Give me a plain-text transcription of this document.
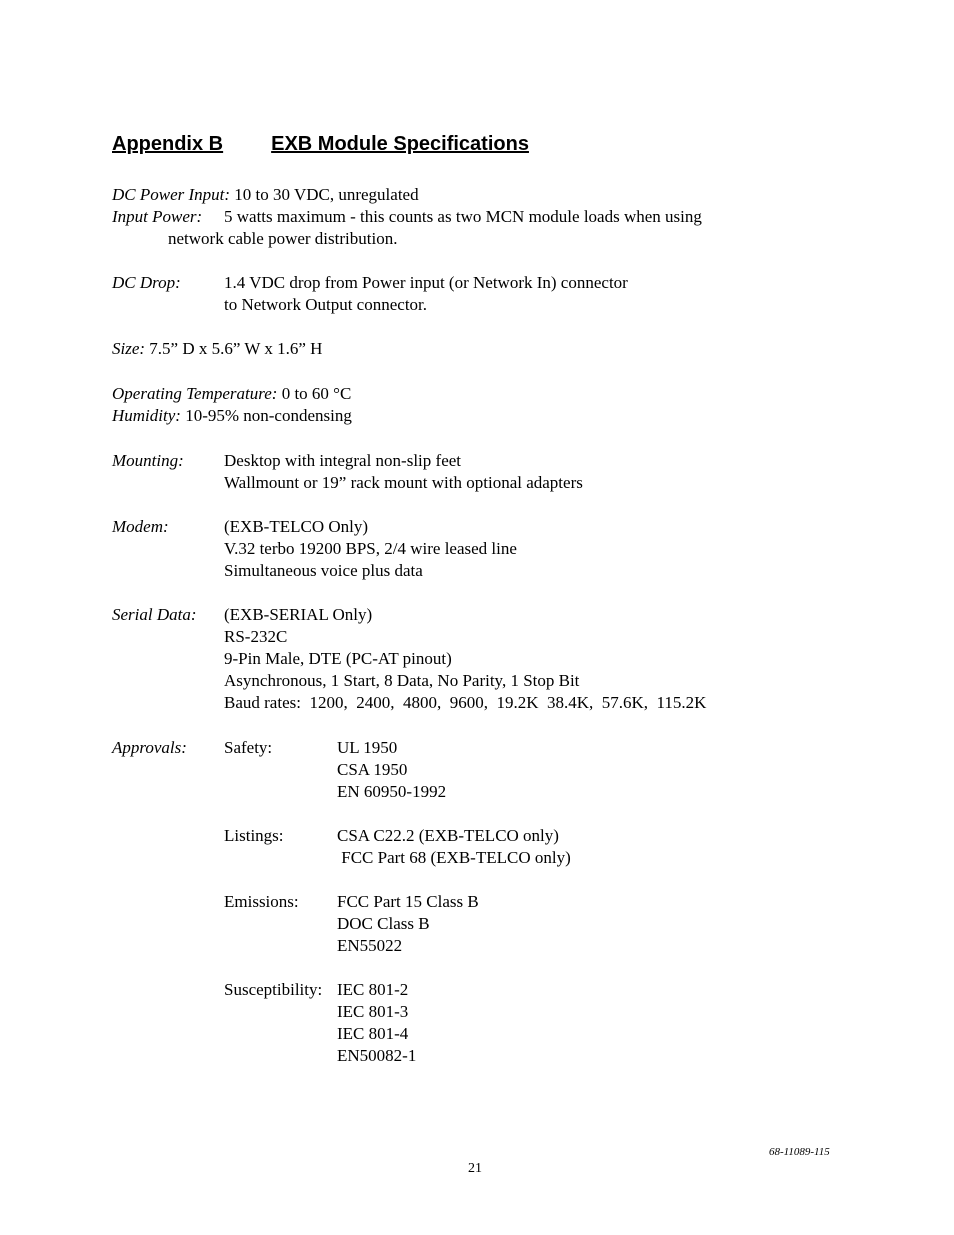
Appendix B EXB Module Specifications
DC Power Input: 10 to 30 VDC, unregulated
Input Power: 5 watts maximum - this counts as two MCN module loads when using
network cable power distribution.
DC Drop:	1.4 VDC drop from Power input (or Network In) connector
to Network Output connector.
Size: 7.5” D x 5.6” W x 1.6” H
Operating Temperature: 0 to 60 °C
Humidity: 10-95% non-condensing
Mounting: Desktop with integral non-slip feet
Wallmount or 19” rack mount with optional adapters
Modem:	(EXB-TELCO Only)
V.32 terbo 19200 BPS, 2/4 wire leased line
Simultaneous voice plus data
Serial Data: (EXB-SERIAL Only)
RS-232C
9-Pin Male, DTE (PC-AT pinout)
Asynchronous, 1 Start, 8 Data, No Parity, 1 Stop Bit
Baud rates:  1200,  2400,  4800,  9600,  19.2K  38.4K,  57.6K,  115.2K
Approvals: Safety:	UL 1950
CSA 1950
EN 60950-1992
Listings:	CSA C22.2 (EXB-TELCO only)
FCC Part 68 (EXB-TELCO only)
Emissions: FCC Part 15 Class B
DOC Class B
EN55022
Susceptibility: IEC 801-2
IEC 801-3
IEC 801-4
EN50082-1
68-11089-115
21
